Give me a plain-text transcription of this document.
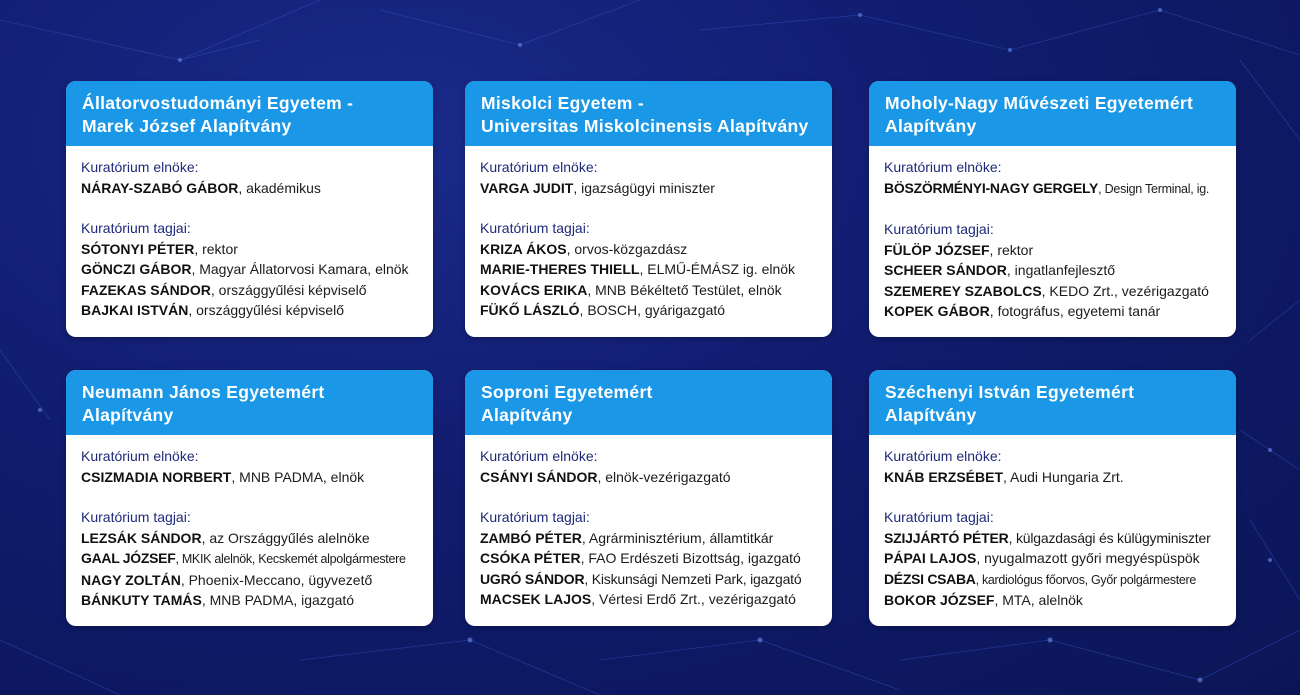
Állatorvostudományi Egyetem -
Marek József Alapítvány
Kuratórium elnöke:
NÁRAY-SZABÓ GÁBOR, akadémikus
Kuratórium tagjai:
SÓTONYI PÉTER, rektor
GÖNCZI GÁBOR, Magyar Állatorvosi Kamara, elnök
FAZEKAS SÁNDOR, országgyűlési képviselő
BAJKAI ISTVÁN, országgyűlési képviselő
Miskolci Egyetem -
Universitas Miskolcinensis Alapítvány
Kuratórium elnöke:
VARGA JUDIT, igazságügyi miniszter
Kuratórium tagjai:
KRIZA ÁKOS, orvos-közgazdász
MARIE-THERES THIELL, ELMŰ-ÉMÁSZ ig. elnök
KOVÁCS ERIKA, MNB Békéltető Testület, elnök
FÜKŐ LÁSZLÓ, BOSCH, gyárigazgató
Moholy-Nagy Művészeti Egyetemért
Alapítvány
Kuratórium elnöke:
BÖSZÖRMÉNYI-NAGY GERGELY, Design Terminal, ig.
Kuratórium tagjai:
FÜLÖP JÓZSEF, rektor
SCHEER SÁNDOR, ingatlanfejlesztő
SZEMEREY SZABOLCS, KEDO Zrt., vezérigazgató
KOPEK GÁBOR, fotográfus, egyetemi tanár
Neumann János Egyetemért
Alapítvány
Kuratórium elnöke:
CSIZMADIA NORBERT, MNB PADMA, elnök
Kuratórium tagjai:
LEZSÁK SÁNDOR, az Országgyűlés alelnöke
GAAL JÓZSEF, MKIK alelnök, Kecskemét alpolgármestere
NAGY ZOLTÁN, Phoenix-Meccano, ügyvezető
BÁNKUTY TAMÁS, MNB PADMA, igazgató
Soproni Egyetemért
Alapítvány
Kuratórium elnöke:
CSÁNYI SÁNDOR, elnök-vezérigazgató
Kuratórium tagjai:
ZAMBÓ PÉTER, Agrárminisztérium, államtitkár
CSÓKA PÉTER, FAO Erdészeti Bizottság, igazgató
UGRÓ SÁNDOR, Kiskunsági Nemzeti Park, igazgató
MACSEK LAJOS, Vértesi Erdő Zrt., vezérigazgató
Széchenyi István Egyetemért
Alapítvány
Kuratórium elnöke:
KNÁB ERZSÉBET, Audi Hungaria Zrt.
Kuratórium tagjai:
SZIJJÁRTÓ PÉTER, külgazdasági és külügyminiszter
PÁPAI LAJOS, nyugalmazott győri megyéspüspök
DÉZSI CSABA, kardiológus főorvos, Győr polgármestere
BOKOR JÓZSEF, MTA, alelnök
